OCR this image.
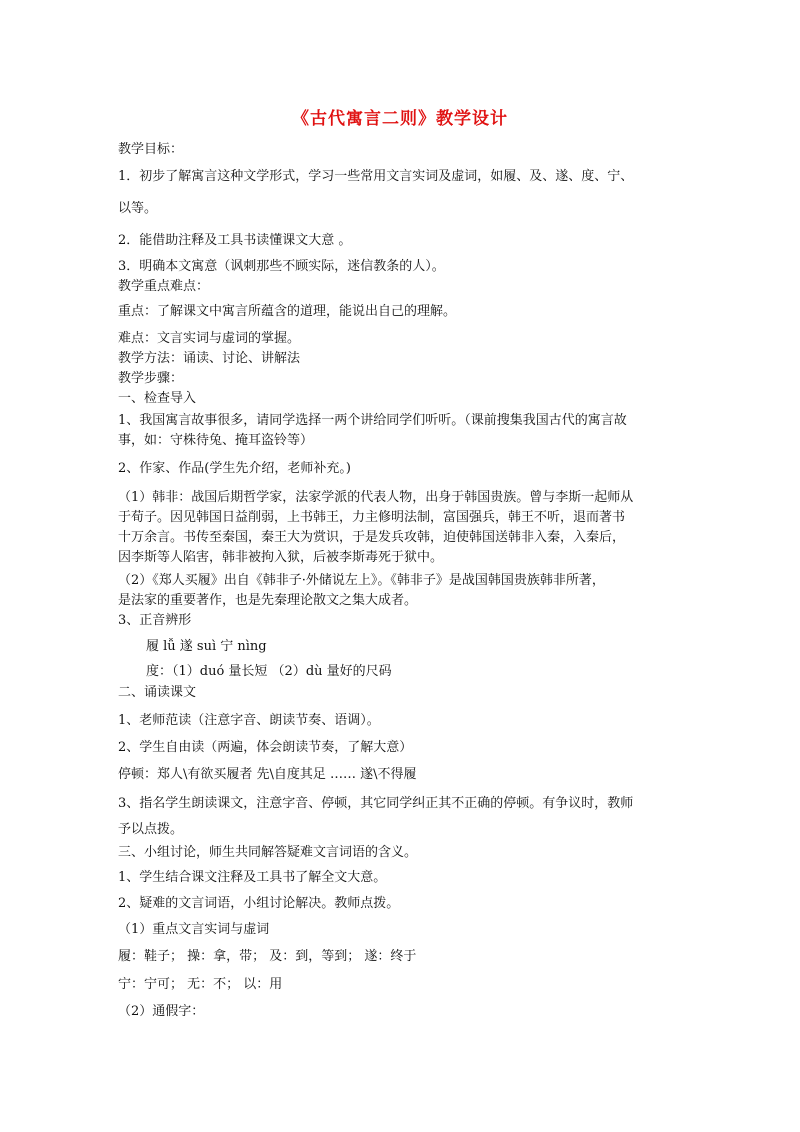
《古代寓言二则》教学设计
教学目标：
1．初步了解寓言这种文学形式，学习一些常用文言实词及虚词，如履、及、遂、度、宁、
以等。
2．能借助注释及工具书读懂课文大意 。
3．明确本文寓意（讽刺那些不顾实际，迷信教条的人）。
教学重点难点：
重点：了解课文中寓言所蕴含的道理，能说出自己的理解。
难点：文言实词与虚词的掌握。
教学方法：诵读、讨论、讲解法
教学步骤：
一、检查导入
1、我国寓言故事很多，请同学选择一两个讲给同学们听听。（课前搜集我国古代的寓言故
事，如：守株待兔、掩耳盗铃等）
2、作家、作品(学生先介绍，老师补充。)
（1）韩非：战国后期哲学家，法家学派的代表人物，出身于韩国贵族。曾与李斯一起师从
于荀子。因见韩国日益削弱，上书韩王，力主修明法制，富国强兵，韩王不听，退而著书
十万余言。书传至秦国，秦王大为赏识，于是发兵攻韩，迫使韩国送韩非入秦，入秦后，
因李斯等人陷害，韩非被拘入狱，后被李斯毒死于狱中。
（2）《郑人买履》出自《韩非子·外储说左上》。《韩非子》是战国韩国贵族韩非所著，
是法家的重要著作，也是先秦理论散文之集大成者。
3、正音辨形
履 lǚ 遂 suì 宁 nìng
度：（1）duó 量长短 （2）dù 量好的尺码
二、诵读课文
1、老师范读（注意字音、朗读节奏、语调）。
2、学生自由读（两遍，体会朗读节奏，了解大意）
停顿：郑人\有欲买履者 先\自度其足 …… 遂\不得履
3、指名学生朗读课文，注意字音、停顿，其它同学纠正其不正确的停顿。有争议时，教师
予以点拨。
三、小组讨论，师生共同解答疑难文言词语的含义。
1、学生结合课文注释及工具书了解全文大意。
2、疑难的文言词语，小组讨论解决。教师点拨。
（1）重点文言实词与虚词
履：鞋子； 操：拿，带； 及：到，等到； 遂：终于
宁：宁可； 无：不； 以：用
（2）通假字：
